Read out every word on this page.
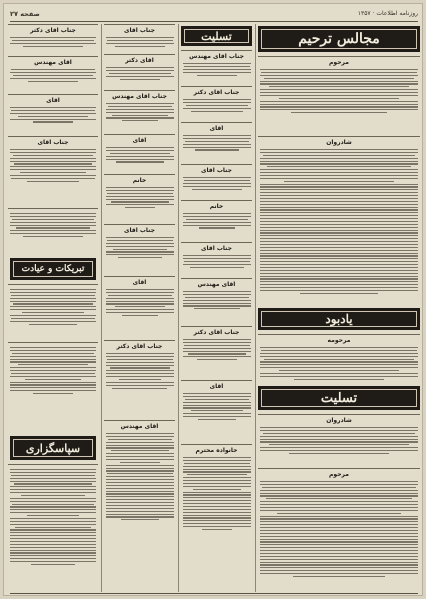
صفحه ۲۷	روزنامه اطلاعات · ۱۳۵۷
جناب آقای دکتر
آقای مهندس
آقای
جناب آقای
تبریکات و عیادت
سپاسگزاری
جناب آقای
آقای دکتر
جناب آقای مهندس
آقای
خانم
جناب آقای
آقای
جناب آقای دکتر
آقای مهندس
تسلیت
جناب آقای مهندس
جناب آقای دکتر
آقای
جناب آقای
خانم
جناب آقای
آقای مهندس
جناب آقای دکتر
آقای
خانواده محترم
مجالس ترحیم
مرحوم
شادروان
یادبود
مرحومه
تسلیت
شادروان
مرحوم
